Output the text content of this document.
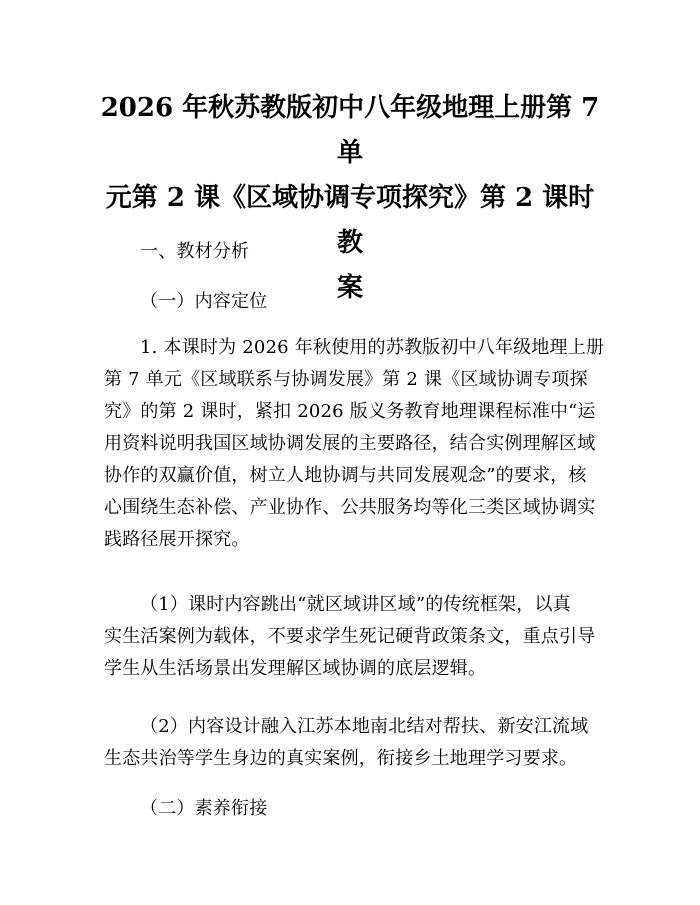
2026 年秋苏教版初中八年级地理上册第 7 单
元第 2 课《区域协调专项探究》第 2 课时教
案

一、教材分析

（一）内容定位

1. 本课时为 2026 年秋使用的苏教版初中八年级地理上册
第 7 单元《区域联系与协调发展》第 2 课《区域协调专项探
究》的第 2 课时，紧扣 2026 版义务教育地理课程标准中“运
用资料说明我国区域协调发展的主要路径，结合实例理解区域
协作的双赢价值，树立人地协调与共同发展观念”的要求，核
心围绕生态补偿、产业协作、公共服务均等化三类区域协调实
践路径展开探究。

（1）课时内容跳出“就区域讲区域”的传统框架，以真
实生活案例为载体，不要求学生死记硬背政策条文，重点引导
学生从生活场景出发理解区域协调的底层逻辑。

（2）内容设计融入江苏本地南北结对帮扶、新安江流域
生态共治等学生身边的真实案例，衔接乡土地理学习要求。

（二）素养衔接
